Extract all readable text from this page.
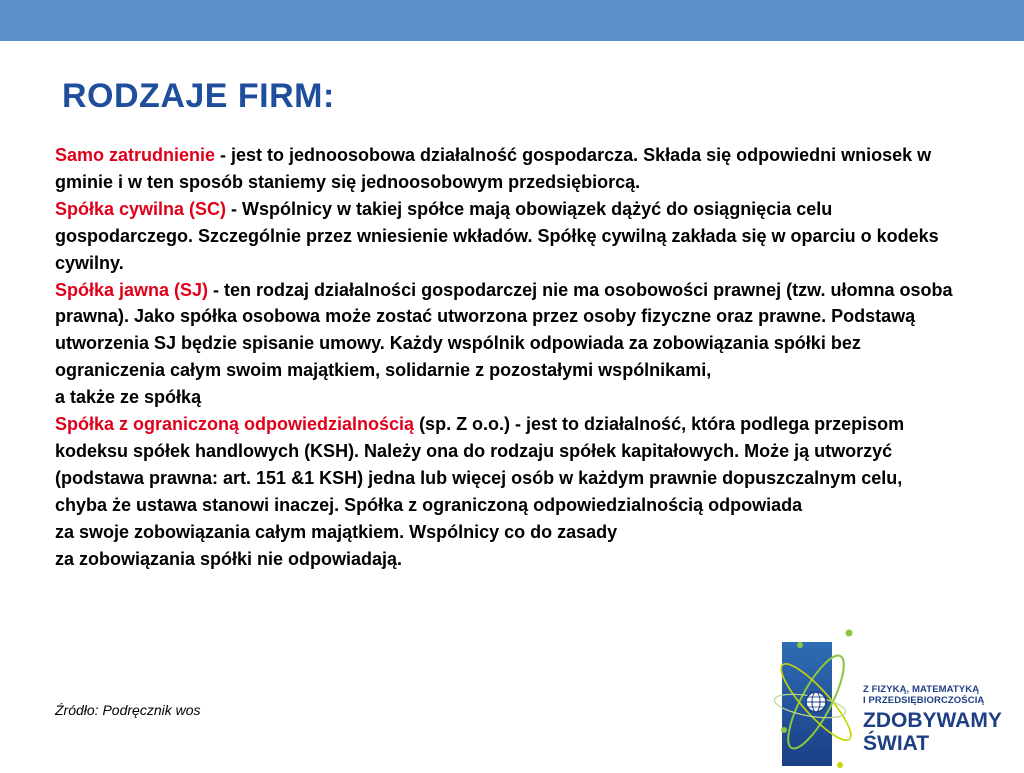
RODZAJE FIRM:

Samo zatrudnienie - jest to jednoosobowa działalność gospodarcza. Składa się odpowiedni wniosek w gminie i w ten sposób staniemy się jednoosobowym przedsiębiorcą.

Spółka cywilna (SC) - Wspólnicy w takiej spółce mają obowiązek dążyć do osiągnięcia celu gospodarczego. Szczególnie przez wniesienie wkładów. Spółkę cywilną zakłada się w oparciu o kodeks cywilny.

Spółka jawna (SJ) - ten rodzaj działalności gospodarczej nie ma osobowości prawnej (tzw. ułomna osoba prawna). Jako spółka osobowa może zostać utworzona przez osoby fizyczne oraz prawne. Podstawą utworzenia SJ będzie spisanie umowy. Każdy wspólnik odpowiada za zobowiązania spółki bez ograniczenia całym swoim majątkiem, solidarnie z pozostałymi wspólnikami,

a także ze spółką

Spółka z ograniczoną odpowiedzialnością (sp. Z o.o.) - jest to działalność, która podlega przepisom kodeksu spółek handlowych (KSH). Należy ona do rodzaju spółek kapitałowych. Może ją utworzyć (podstawa prawna: art. 151 &1 KSH) jedna lub więcej osób w każdym prawnie dopuszczalnym celu, chyba że ustawa stanowi inaczej. Spółka z ograniczoną odpowiedzialnością odpowiada

za swoje zobowiązania całym majątkiem. Wspólnicy co do zasady

za zobowiązania spółki nie odpowiadają.

Źródło: Podręcznik wos
Z FIZYKĄ, MATEMATYKĄ
I PRZEDSIĘBIORCZOŚCIĄ
ZDOBYWAMY
ŚWIAT
